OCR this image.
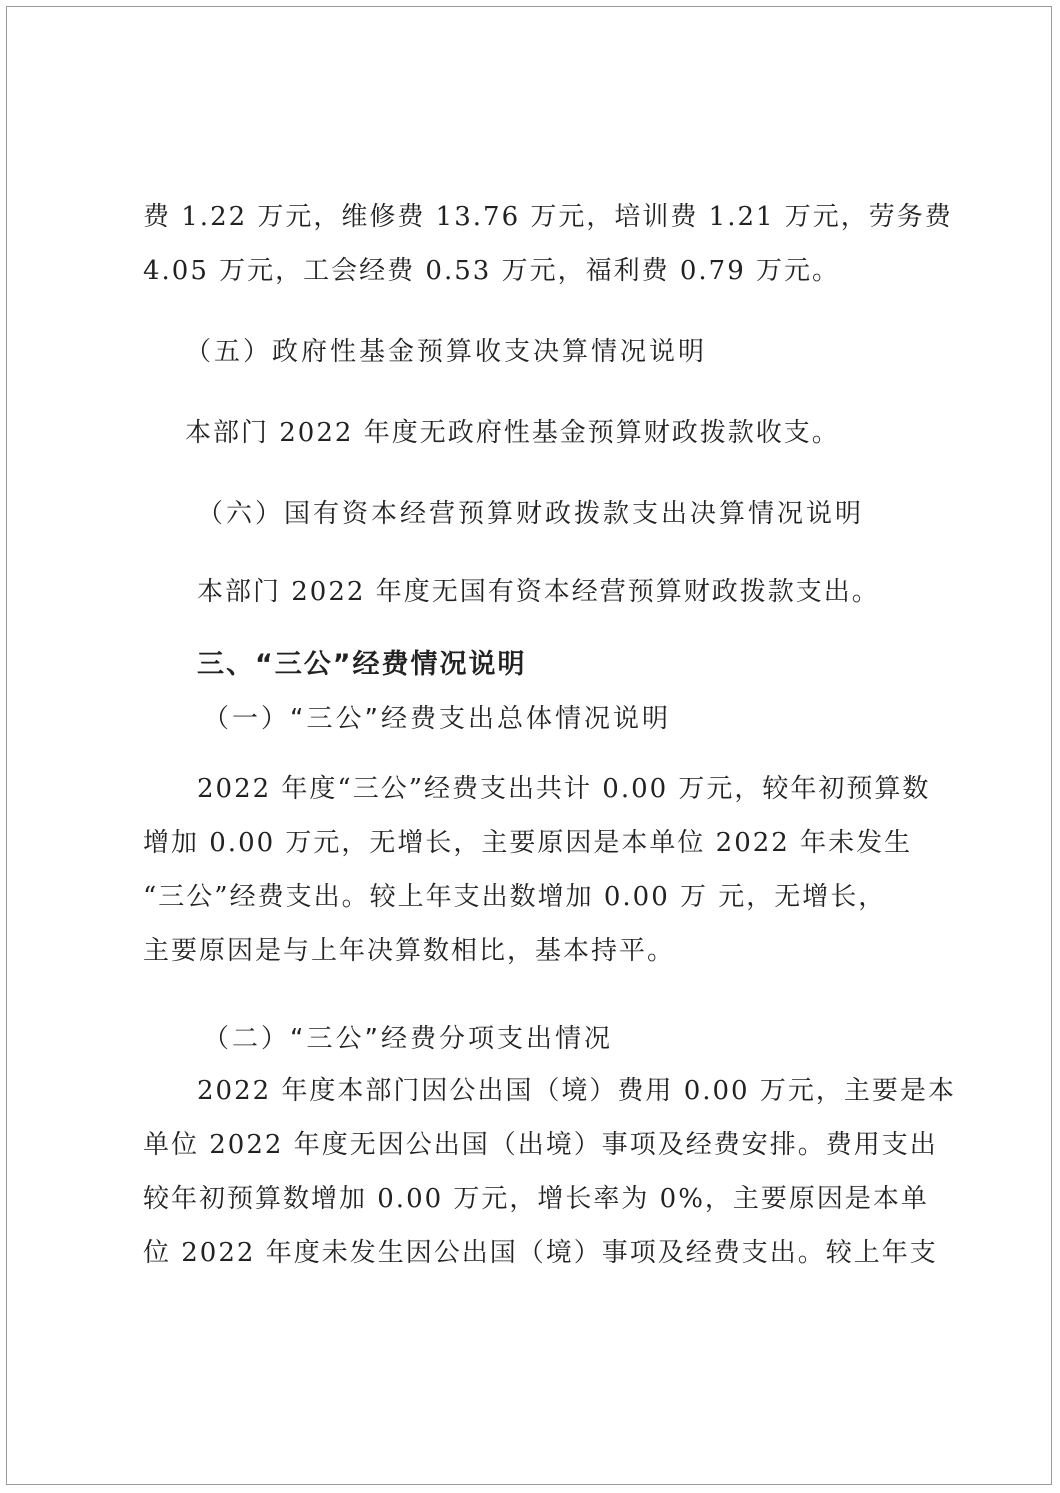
费 1.22 万元，维修费 13.76 万元，培训费 1.21 万元，劳务费

4.05 万元，工会经费 0.53 万元，福利费 0.79 万元。

（五）政府性基金预算收支决算情况说明

本部门 2022 年度无政府性基金预算财政拨款收支。

（六）国有资本经营预算财政拨款支出决算情况说明

本部门 2022 年度无国有资本经营预算财政拨款支出。

三、“三公”经费情况说明

（一）“三公”经费支出总体情况说明

2022 年度“三公”经费支出共计 0.00 万元，较年初预算数

增加 0.00 万元，无增长，主要原因是本单位 2022 年未发生

“三公”经费支出。较上年支出数增加 0.00 万 元，无增长，

主要原因是与上年决算数相比，基本持平。

（二）“三公”经费分项支出情况

2022 年度本部门因公出国（境）费用 0.00 万元，主要是本

单位 2022 年度无因公出国（出境）事项及经费安排。费用支出

较年初预算数增加 0.00 万元，增长率为 0%，主要原因是本单

位 2022 年度未发生因公出国（境）事项及经费支出。较上年支
